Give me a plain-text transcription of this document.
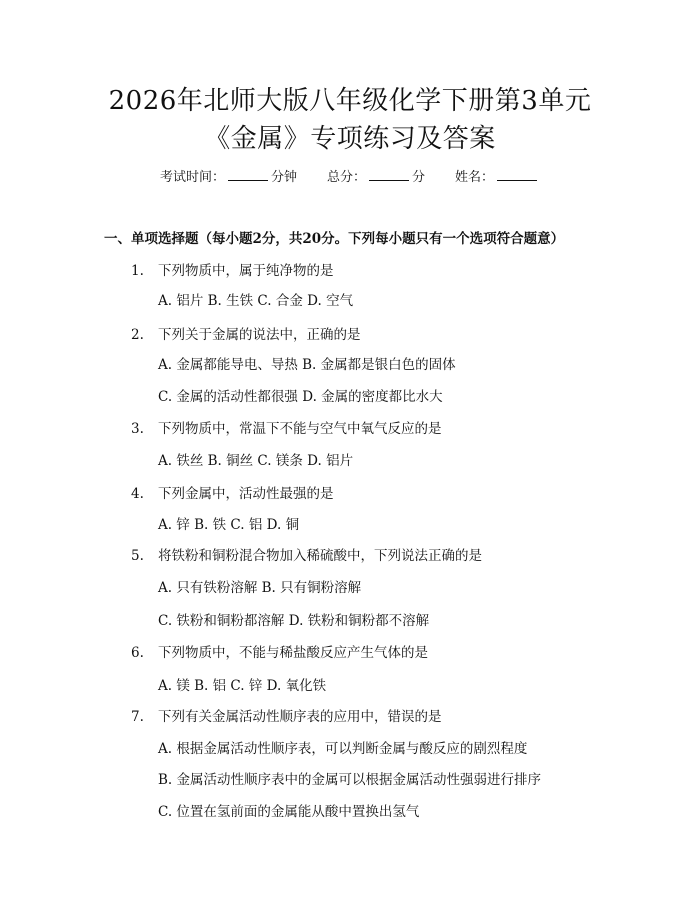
2026年北师大版八年级化学下册第3单元
《金属》专项练习及答案
考试时间：	分钟 总分：	分 姓名：
一、单项选择题（每小题2分，共20分。下列每小题只有一个选项符合题意）
1. 下列物质中，属于纯净物的是
A. 铝片 B. 生铁 C. 合金 D. 空气
2. 下列关于金属的说法中，正确的是
A. 金属都能导电、导热 B. 金属都是银白色的固体
C. 金属的活动性都很强 D. 金属的密度都比水大
3. 下列物质中，常温下不能与空气中氧气反应的是
A. 铁丝 B. 铜丝 C. 镁条 D. 铝片
4. 下列金属中，活动性最强的是
A. 锌 B. 铁 C. 铝 D. 铜
5. 将铁粉和铜粉混合物加入稀硫酸中，下列说法正确的是
A. 只有铁粉溶解 B. 只有铜粉溶解
C. 铁粉和铜粉都溶解 D. 铁粉和铜粉都不溶解
6. 下列物质中，不能与稀盐酸反应产生气体的是
A. 镁 B. 铝 C. 锌 D. 氧化铁
7. 下列有关金属活动性顺序表的应用中，错误的是
A. 根据金属活动性顺序表，可以判断金属与酸反应的剧烈程度
B. 金属活动性顺序表中的金属可以根据金属活动性强弱进行排序
C. 位置在氢前面的金属能从酸中置换出氢气
